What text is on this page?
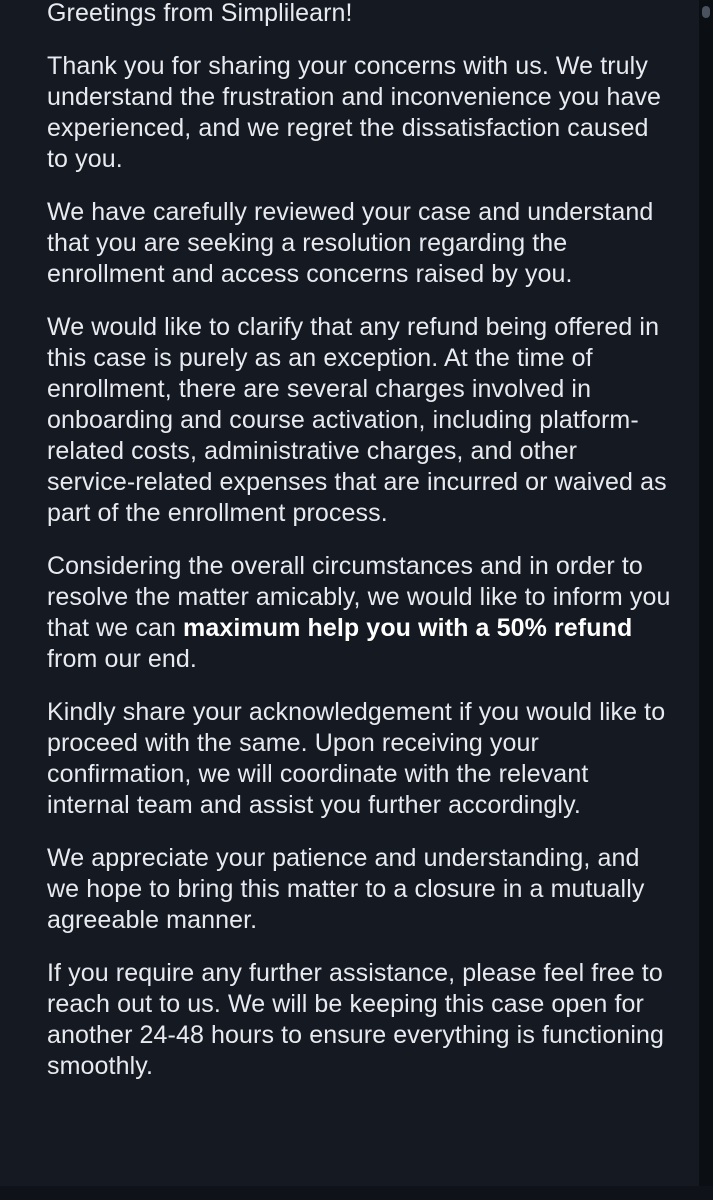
Greetings from Simplilearn!

Thank you for sharing your concerns with us. We truly understand the frustration and inconvenience you have experienced, and we regret the dissatisfaction caused to you.

We have carefully reviewed your case and understand that you are seeking a resolution regarding the enrollment and access concerns raised by you.

We would like to clarify that any refund being offered in this case is purely as an exception. At the time of enrollment, there are several charges involved in onboarding and course activation, including platform-related costs, administrative charges, and other service-related expenses that are incurred or waived as part of the enrollment process.

Considering the overall circumstances and in order to resolve the matter amicably, we would like to inform you that we can maximum help you with a 50% refund from our end.

Kindly share your acknowledgement if you would like to proceed with the same. Upon receiving your confirmation, we will coordinate with the relevant internal team and assist you further accordingly.

We appreciate your patience and understanding, and we hope to bring this matter to a closure in a mutually agreeable manner.

If you require any further assistance, please feel free to reach out to us. We will be keeping this case open for another 24-48 hours to ensure everything is functioning smoothly.
